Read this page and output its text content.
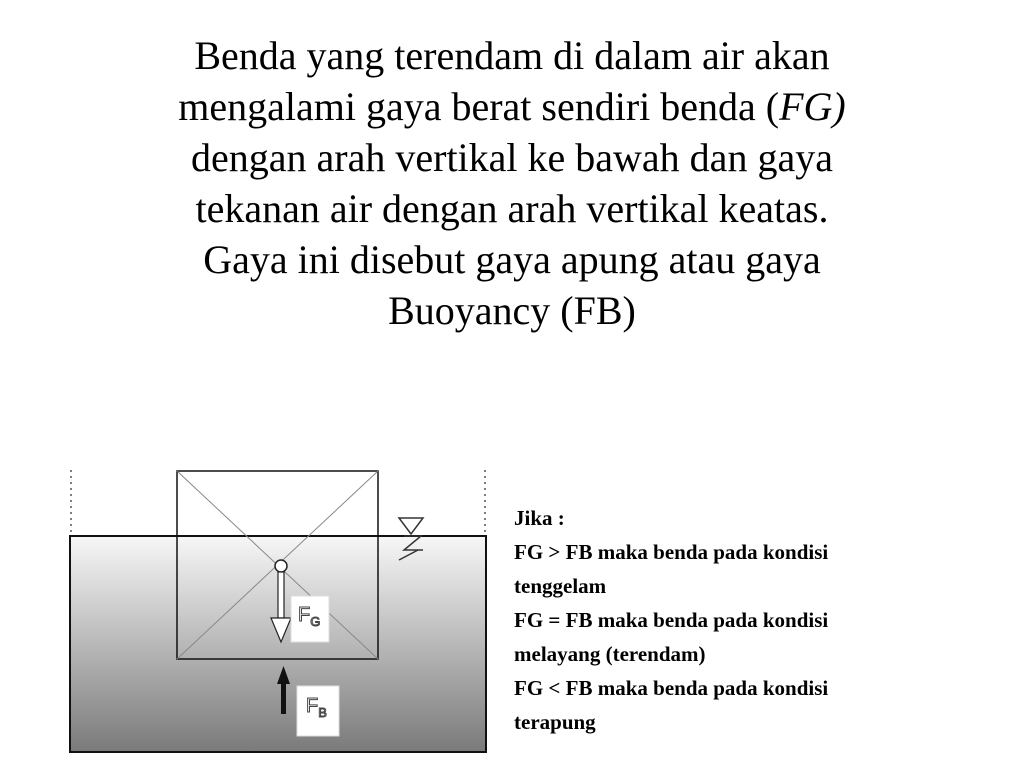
Benda yang terendam di dalam air akan
mengalami gaya berat sendiri benda (FG)
dengan arah vertikal ke bawah dan gaya
tekanan air dengan arah vertikal keatas.
Gaya ini disebut gaya apung atau gaya
Buoyancy (FB)
$F_G$
$F_B$
Jika :
FG > FB maka benda pada kondisi
tenggelam
FG = FB maka benda pada kondisi
melayang (terendam)
FG < FB maka benda pada kondisi
terapung
